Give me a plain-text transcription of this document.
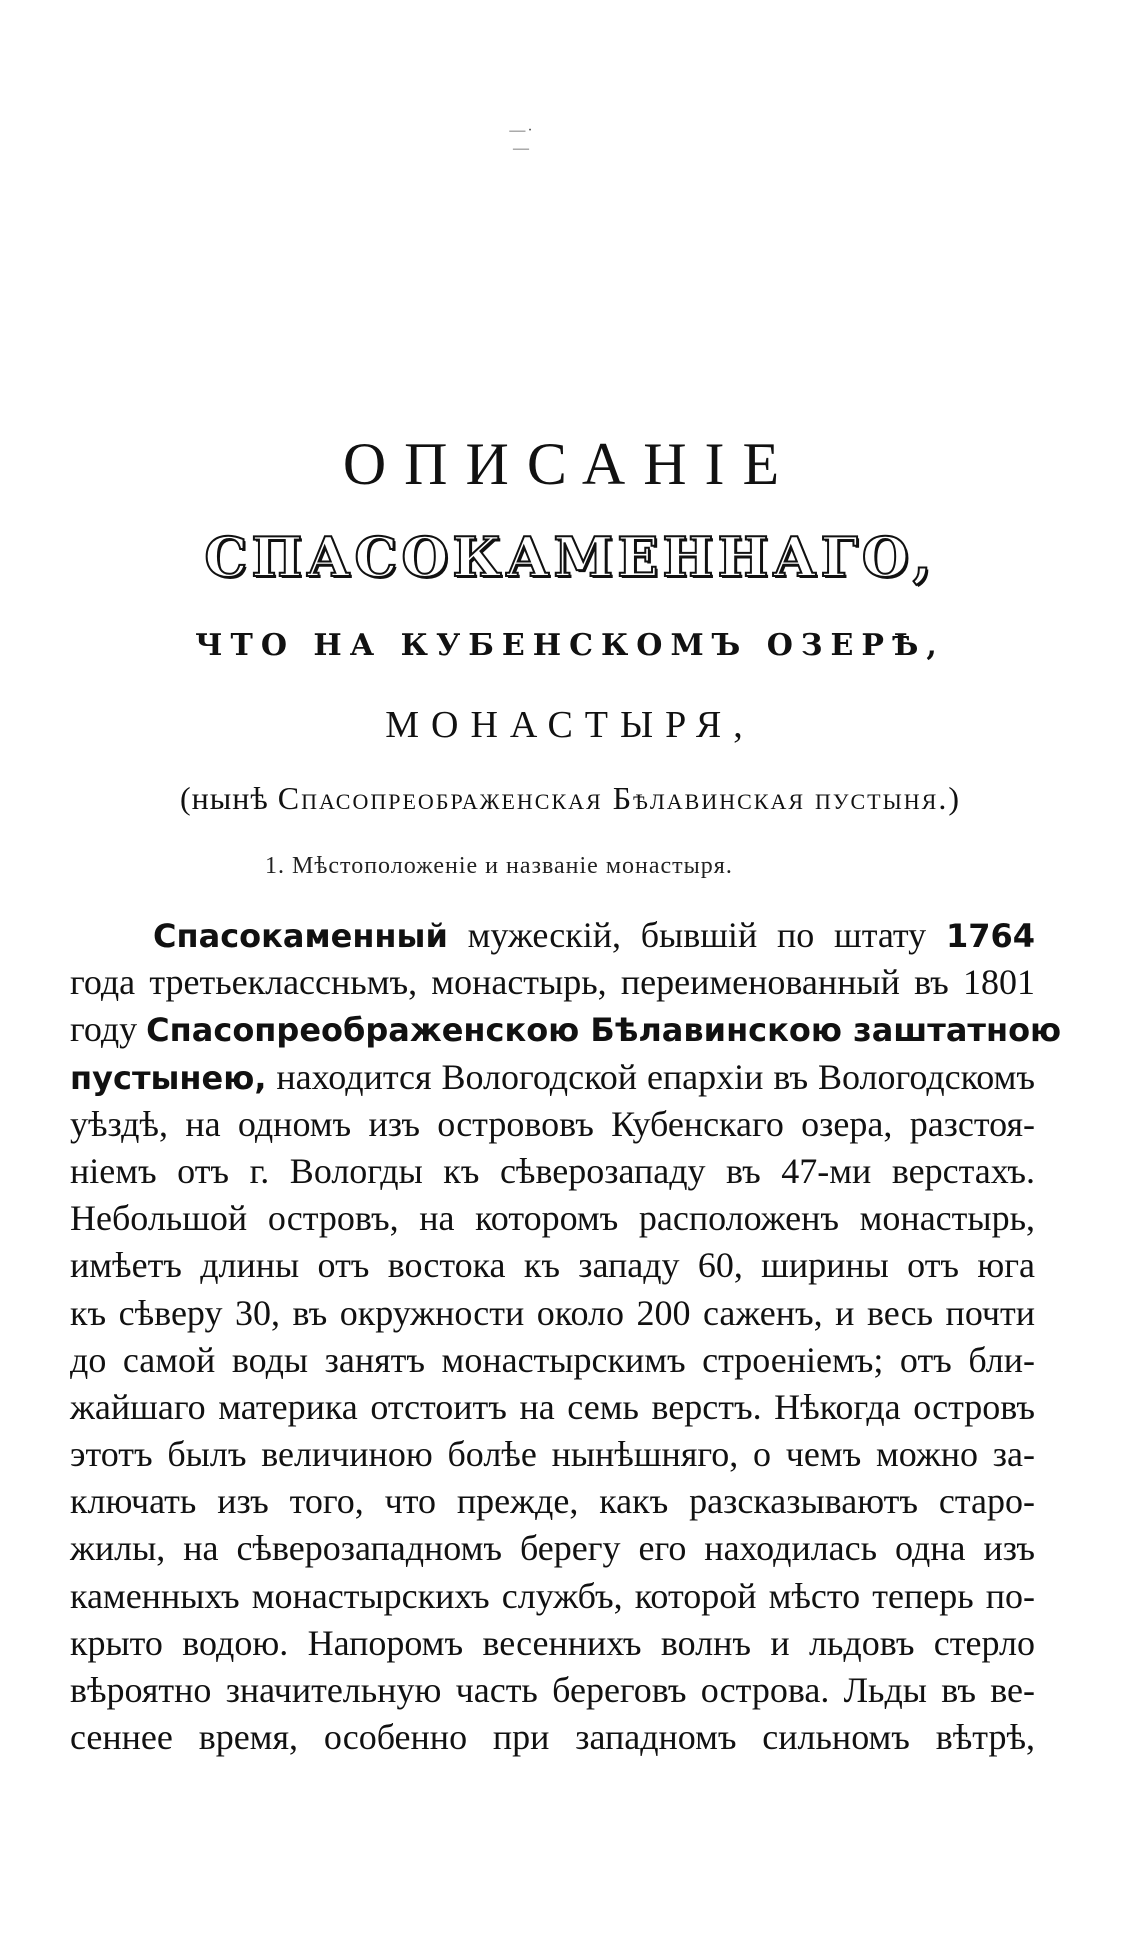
—·—
ОПИСАНІЕ
СПАСОКАМЕННАГО,
ЧТО НА КУБЕНСКОМЪ ОЗЕРѢ,
МОНАСТЫРЯ,
(нынѣ Спасопреображенская Бѣлавинская пустыня.)
1. Мѣстоположеніе и названіе монастыря.
Спасокаменный мужескій, бывшій по штату 1764
года третьеклассньмъ, монастырь, переименованный въ 1801
году Спасопреображенскою Бѣлавинскою заштатною
пустынею, находится Вологодской епархіи въ Вологодскомъ
уѣздѣ, на одномъ изъ острововъ Кубенскаго озера, разстоя-
ніемъ отъ г. Вологды къ сѣверозападу въ 47-ми верстахъ.
Небольшой островъ, на которомъ расположенъ монастырь,
имѣетъ длины отъ востока къ западу 60, ширины отъ юга
къ сѣверу 30, въ окружности около 200 саженъ, и весь почти
до самой воды занятъ монастырскимъ строеніемъ; отъ бли-
жайшаго материка отстоитъ на семь верстъ. Нѣкогда островъ
этотъ былъ величиною болѣе нынѣшняго, о чемъ можно за-
ключать изъ того, что прежде, какъ разсказываютъ старо-
жилы, на сѣверозападномъ берегу его находилась одна изъ
каменныхъ монастырскихъ службъ, которой мѣсто теперь по-
крыто водою. Напоромъ весеннихъ волнъ и льдовъ стерло
вѣроятно значительную часть береговъ острова. Льды въ ве-
сеннее время, особенно при западномъ сильномъ вѣтрѣ,
